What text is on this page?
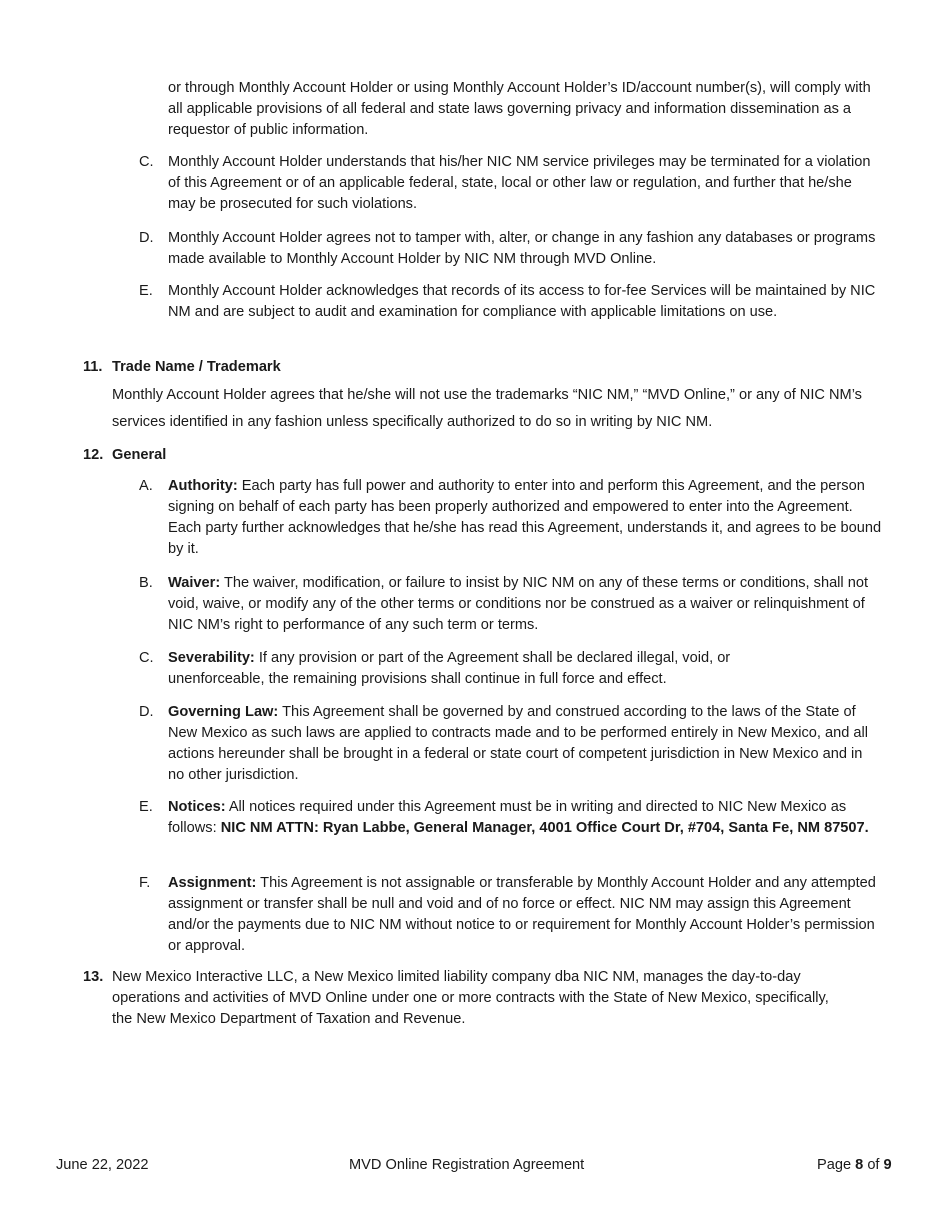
or through Monthly Account Holder or using Monthly Account Holder’s ID/account number(s), will comply with all applicable provisions of all federal and state laws governing privacy and information dissemination as a requestor of public information.
C. Monthly Account Holder understands that his/her NIC NM service privileges may be terminated for a violation of this Agreement or of an applicable federal, state, local or other law or regulation, and further that he/she may be prosecuted for such violations.
D. Monthly Account Holder agrees not to tamper with, alter, or change in any fashion any databases or programs made available to Monthly Account Holder by NIC NM through MVD Online.
E. Monthly Account Holder acknowledges that records of its access to for-fee Services will be maintained by NIC NM and are subject to audit and examination for compliance with applicable limitations on use.
11. Trade Name / Trademark
Monthly Account Holder agrees that he/she will not use the trademarks “NIC NM,” “MVD Online,” or any of NIC NM’s services identified in any fashion unless specifically authorized to do so in writing by NIC NM.
12. General
A. Authority: Each party has full power and authority to enter into and perform this Agreement, and the person signing on behalf of each party has been properly authorized and empowered to enter into the Agreement. Each party further acknowledges that he/she has read this Agreement, understands it, and agrees to be bound by it.
B. Waiver: The waiver, modification, or failure to insist by NIC NM on any of these terms or conditions, shall not void, waive, or modify any of the other terms or conditions nor be construed as a waiver or relinquishment of NIC NM’s right to performance of any such term or terms.
C. Severability: If any provision or part of the Agreement shall be declared illegal, void, or unenforceable, the remaining provisions shall continue in full force and effect.
D. Governing Law: This Agreement shall be governed by and construed according to the laws of the State of New Mexico as such laws are applied to contracts made and to be performed entirely in New Mexico, and all actions hereunder shall be brought in a federal or state court of competent jurisdiction in New Mexico and in no other jurisdiction.
E. Notices: All notices required under this Agreement must be in writing and directed to NIC New Mexico as follows: NIC NM ATTN: Ryan Labbe, General Manager, 4001 Office Court Dr, #704, Santa Fe, NM 87507.
F. Assignment: This Agreement is not assignable or transferable by Monthly Account Holder and any attempted assignment or transfer shall be null and void and of no force or effect. NIC NM may assign this Agreement and/or the payments due to NIC NM without notice to or requirement for Monthly Account Holder’s permission or approval.
13. New Mexico Interactive LLC, a New Mexico limited liability company dba NIC NM, manages the day-to-day operations and activities of MVD Online under one or more contracts with the State of New Mexico, specifically, the New Mexico Department of Taxation and Revenue.
June 22, 2022	MVD Online Registration Agreement	Page 8 of 9
